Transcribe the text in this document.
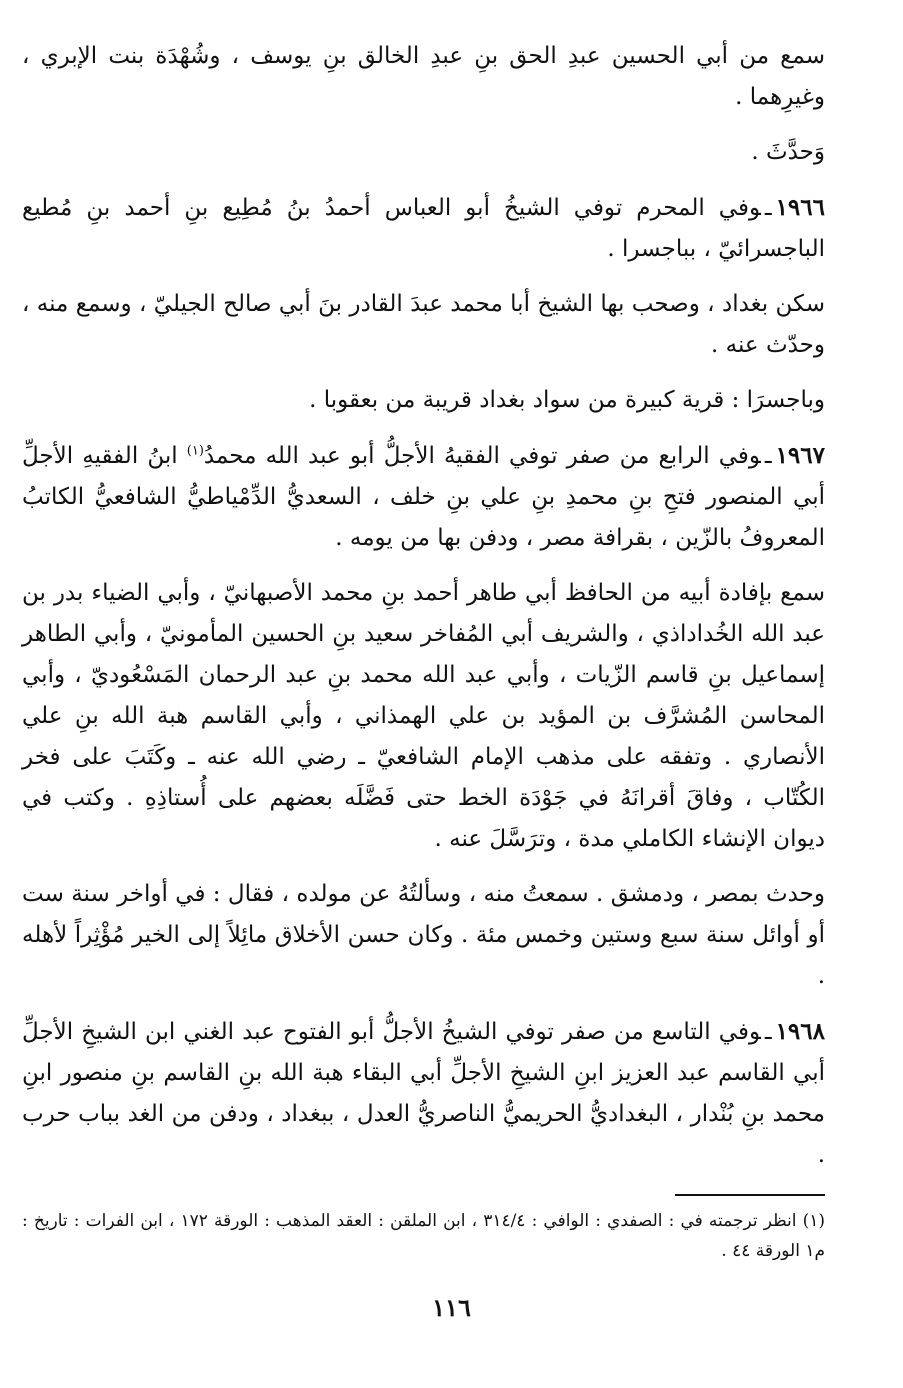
سمع من أبي الحسين عبدِ الحق بنِ عبدِ الخالق بنِ يوسف ، وشُهْدَة بنت الإبري ، وغيرِهما .

وَحدَّثَ .

١٩٦٦ـوفي المحرم توفي الشيخُ أبو العباس أحمدُ بنُ مُطِيع بنِ أحمد بنِ مُطيع الباجسرائيّ ، بباجسرا .

سكن بغداد ، وصحب بها الشيخ أبا محمد عبدَ القادر بنَ أبي صالح الجيليّ ، وسمع منه ، وحدّث عنه .

وباجسرَا : قرية كبيرة من سواد بغداد قريبة من بعقوبا .

١٩٦٧ـوفي الرابع من صفر توفي الفقيهُ الأجلُّ أبو عبد الله محمدُ$^{(١)}$ ابنُ الفقيهِ الأجلِّ أبي المنصور فتحِ بنِ محمدِ بنِ علي بنِ خلف ، السعديُّ الدِّمْياطيُّ الشافعيُّ الكاتبُ المعروفُ بالزّين ، بقرافة مصر ، ودفن بها من يومه .

سمع بإفادة أبيه من الحافظ أبي طاهر أحمد بنِ محمد الأصبهانيّ ، وأبي الضياء بدر بن عبد الله الخُداداذي ، والشريف أبي المُفاخر سعيد بنِ الحسين المأمونيّ ، وأبي الطاهر إسماعيل بنِ قاسم الزّيات ، وأبي عبد الله محمد بنِ عبد الرحمان المَسْعُوديّ ، وأبي المحاسن المُشرَّف بن المؤيد بن علي الهمذاني ، وأبي القاسم هبة الله بنِ علي الأنصاري . وتفقه على مذهب الإمام الشافعيّ ـ رضي الله عنه ـ وكَتَبَ على فخر الكُتّاب ، وفاقَ أقرانَهُ في جَوْدَة الخط حتى فَضَّلَه بعضهم على أُستاذِهِ . وكتب في ديوان الإنشاء الكاملي مدة ، وترَسَّلَ عنه .

وحدث بمصر ، ودمشق . سمعتُ منه ، وسألتُهُ عن مولده ، فقال : في أواخر سنة ست أو أوائل سنة سبع وستين وخمس مئة . وكان حسن الأخلاق مائِلاً إلى الخير مُؤْثِراً لأهله .

١٩٦٨ـوفي التاسع من صفر توفي الشيخُ الأجلُّ أبو الفتوح عبد الغني ابن الشيخِ الأجلِّ أبي القاسم عبد العزيز ابنِ الشيخِ الأجلِّ أبي البقاء هبة الله بنِ القاسم بنِ منصور ابنِ محمد بنِ بُنْدار ، البغداديُّ الحريميُّ الناصريُّ العدل ، ببغداد ، ودفن من الغد بباب حرب .

(١) انظر ترجمته في : الصفدي : الوافي : ٣١٤/٤ ، ابن الملقن : العقد المذهب : الورقة ١٧٢ ، ابن الفرات : تاريخ : م١ الورقة ٤٤ .

١١٦
